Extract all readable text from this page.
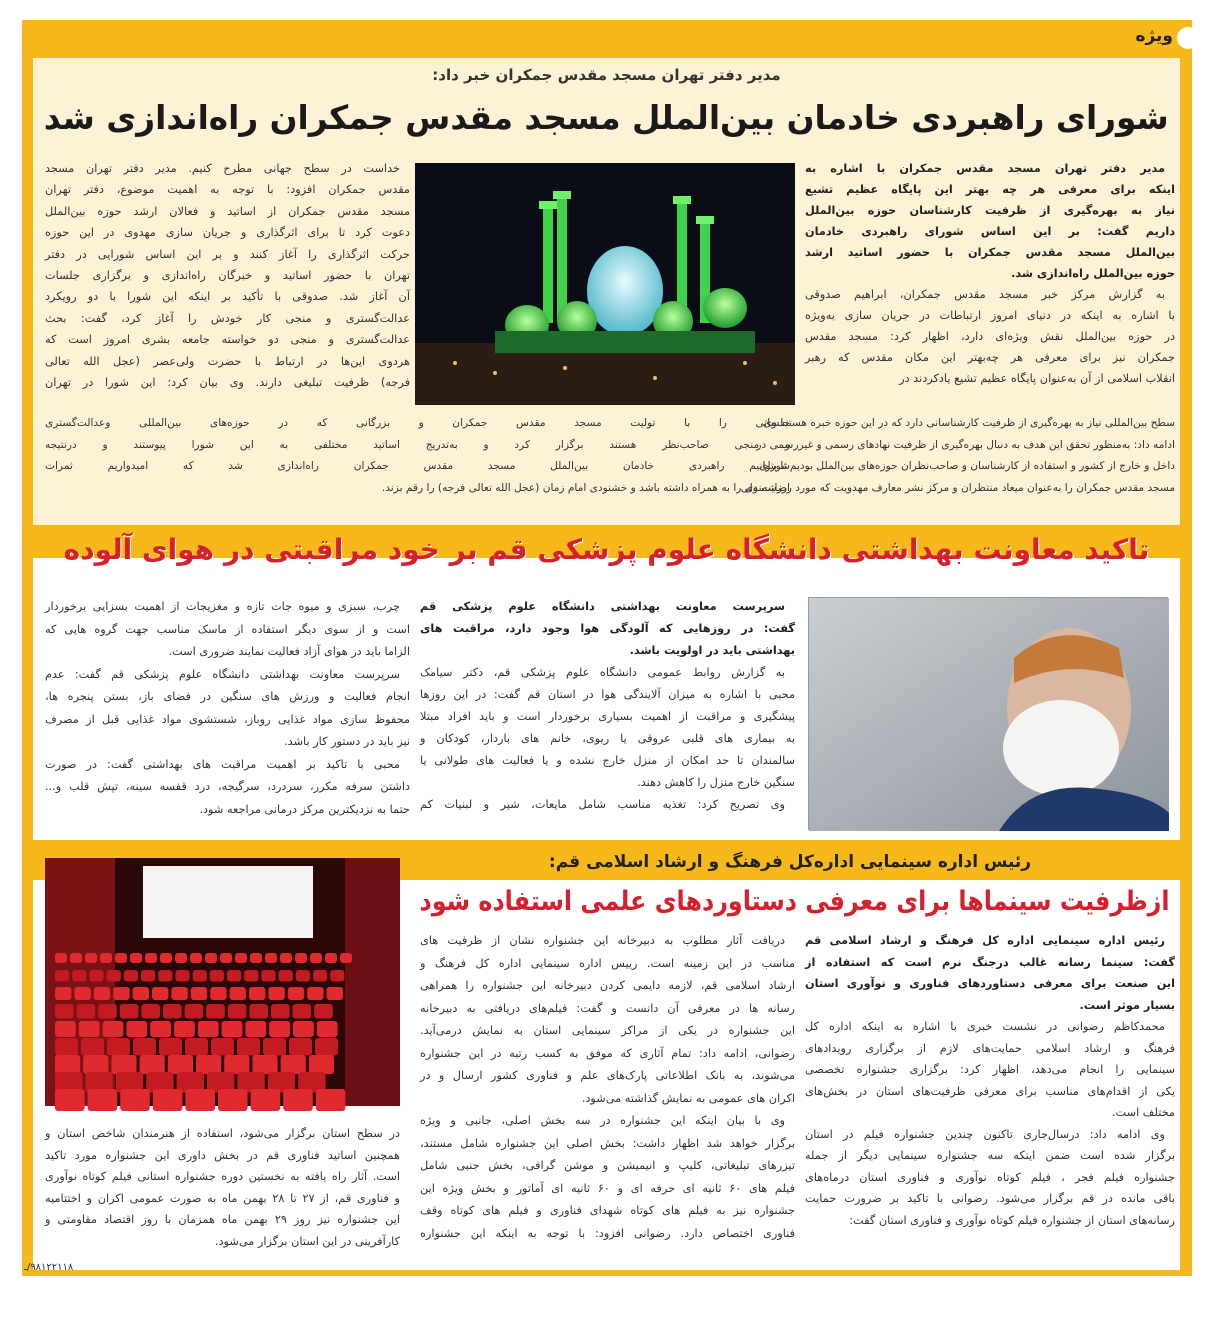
ویژه
مدیر دفتر تهران مسجد مقدس جمکران خبر داد:
شورای راهبردی خادمان بین‌الملل مسجد مقدس جمکران راه‌اندازی شد
مدیر دفتر تهران مسجد مقدس جمکران با اشاره به
اینکه برای معرفی هر چه بهتر این پایگاه عظیم تشیع
نیاز به بهره‌گیری از ظرفیت کارشناسان حوزه بین‌الملل
داریم گفت: بر این اساس شورای راهبردی خادمان
بین‌الملل مسجد مقدس جمکران با حضور اساتید ارشد
حوزه بین‌الملل راه‌اندازی شد.
به گزارش مرکز خبر مسجد مقدس جمکران، ابراهیم صدوقی
با اشاره به اینکه در دنیای امروز ارتباطات در جریان سازی به‌ویژه
در حوزه بین‌الملل نقش ویژه‌ای دارد، اظهار کرد: مسجد مقدس
جمکران نیز برای معرفی هر چه‌بهتر این مکان مقدس که رهبر
انقلاب اسلامی از آن به‌عنوان پایگاه عظیم تشیع یادکردند در
خداست در سطح جهانی مطرح کنیم. مدیر دفتر تهران مسجد
مقدس جمکران افزود: با توجه به اهمیت موضوع، دفتر تهران
مسجد مقدس جمکران از اساتید و فعالان ارشد حوزه بین‌الملل
دعوت کرد تا برای اثرگذاری و جریان سازی مهدوی در این حوزه
حرکت اثرگذاری را آغاز کنند و بر این اساس شورایی در دفتر
تهران با حضور اساتید و خبرگان راه‌اندازی و برگزاری جلسات
آن آغاز شد. صدوقی با تأکید بر اینکه این شورا با دو رویکرد
عدالت‌گستری و منجی کار خودش را آغاز کرد، گفت: بحث
عدالت‌گستری و منجی دو خواسته جامعه بشری امروز است که
هردوی این‌ها در ارتباط با حضرت ولی‌عصر (عجل الله تعالی
فرجه) ظرفیت تبلیغی دارند. وی بیان کرد: این شورا در تهران
سطح بین‌المللی نیاز به بهره‌گیری از ظرفیت کارشناسانی دارد که در این حوزه خبره هستند وی
ادامه داد: به‌منظور تحقق این هدف به دنبال بهره‌گیری از ظرفیت نهادهای رسمی و غیررسمی در
داخل و خارج از کشور و استفاده از کارشناسان و صاحب‌نظران حوزه‌های بین‌الملل بودیم تا بتوانیم
مسجد مقدس جمکران را به‌عنوان میعاد منتظران و مرکز نشر معارف مهدویت که مورد رضایت ولی
جلساتی را با تولیت مسجد مقدس جمکران و بزرگانی که در حوزه‌های بین‌المللی وعدالت‌گستری
و منجی صاحب‌نظر هستند برگزار کرد و به‌تدریج اساتید مختلفی به این شورا پیوستند و درنتیجه
شورای راهبردی خادمان بین‌الملل مسجد مقدس جمکران راه‌اندازی شد که امیدواریم ثمرات
ارزشمندی را به همراه داشته باشد و خشنودی امام زمان (عجل الله تعالی فرجه) را رقم بزند.
تاکید معاونت بهداشتی دانشگاه علوم پزشکی قم بر خود مراقبتی در هوای آلوده
سرپرست معاونت بهداشتی دانشگاه علوم پزشکی قم
گفت: در روزهایی که آلودگی هوا وجود دارد، مراقبت های
بهداشتی باید در اولویت باشد.
به گزارش روابط عمومی دانشگاه علوم پزشکی قم، دکتر سیامک
محبی با اشاره به میزان آلایندگی هوا در استان قم گفت: در این روزها
پیشگیری و مراقبت از اهمیت بسیاری برخوردار است و باید افراد مبتلا
به بیماری های قلبی عروقی یا ریوی، خانم های باردار، کودکان و
سالمندان تا حد امکان از منزل خارج نشده و یا فعالیت های طولانی یا
سنگین خارج منزل را کاهش دهند.
وی تصریح کرد: تغذیه مناسب شامل مایعات، شیر و لبنیات کم
چرب، سبزی و میوه جات تازه و مغزیجات از اهمیت بسزایی برخوردار
است و از سوی دیگر استفاده از ماسک مناسب جهت گروه هایی که
الزاما باید در هوای آزاد فعالیت نمایند ضروری است.
سرپرست معاونت بهداشتی دانشگاه علوم پزشکی قم گفت: عدم
انجام فعالیت و ورزش های سنگین در فضای باز، بستن پنجره ها،
محفوظ سازی مواد غذایی روباز، شستشوی مواد غذایی قبل از مصرف
نیز باید در دستور کار باشد.
محبی با تاکید بر اهمیت مراقبت های بهداشتی گفت: در صورت
داشتن سرفه مکرر، سردرد، سرگیجه، درد قفسه سینه، تپش قلب و...
حتما به نزدیکترین مرکز درمانی مراجعه شود.
رئیس اداره سینمایی اداره‌کل فرهنگ و ارشاد اسلامی قم:
ازظرفیت سینماها برای معرفی دستاوردهای علمی استفاده شود
رئیس اداره سینمایی اداره کل فرهنگ و ارشاد اسلامی قم
گفت: سینما رسانه غالب درجنگ نرم است که استفاده از
این صنعت برای معرفی دستاوردهای فناوری و نوآوری استان
بسیار موثر است.
محمدکاظم رضوانی در نشست خبری با اشاره به اینکه اداره کل
فرهنگ و ارشاد اسلامی حمایت‌های لازم از برگزاری رویدادهای
سینمایی را انجام می‌دهد، اظهار کرد: برگزاری جشنواره تخصصی
یکی از اقدام‌های مناسب برای معرفی ظرفیت‌های استان در بخش‌های
مختلف است.
وی ادامه داد: درسال‌جاری تاکنون چندین جشنواره فیلم در استان
برگزار شده است ضمن اینکه سه جشنواره سینمایی دیگر از جمله
جشنواره فیلم فجر ، فیلم کوتاه نوآوری و فناوری استان درماه‌های
باقی مانده در قم برگزار می‌شود. رضوانی با تاکید بر ضرورت حمایت
رسانه‌های استان از جشنواره فیلم کوتاه نوآوری و فناوری استان گفت:
دریافت آثار مطلوب به دبیرخانه این جشنواره نشان از ظرفیت های
مناسب در این زمینه است. رییس اداره سینمایی اداره کل فرهنگ و
ارشاد اسلامی قم، لازمه دایمی کردن دبیرخانه این جشنواره را همراهی
رسانه ها در معرفی آن دانست و گفت: فیلم‌های دریافتی به دبیرخانه
این جشنواره در یکی از مراکز سینمایی استان به نمایش درمی‌آید.
رضوانی، ادامه داد: تمام آثاری که موفق به کسب رتبه در این جشنواره
می‌شوند، به بانک اطلاعاتی پارک‌های علم و فناوری کشور ارسال و در
اکران های عمومی به نمایش گذاشته می‌شود.
وی با بیان اینکه این جشنواره در سه بخش اصلی، جانبی و ویژه
برگزار خواهد شد اظهار داشت: بخش اصلی این جشنواره شامل مستند،
تیزرهای تبلیغاتی، کلیپ و انیمیشن و موشن گرافی، بخش جنبی شامل
فیلم های ۶۰ ثانیه ای حرفه ای و ۶۰ ثانیه ای آماتور و بخش ویژه این
جشنواره نیز به فیلم های کوتاه شهدای فناوری و فیلم های کوتاه وقف
فناوری اختصاص دارد. رضوانی افزود: با توجه به اینکه این جشنواره
در سطح استان برگزار می‌شود، استفاده از هنرمندان شاخص استان و
همچنین اساتید فناوری قم در بخش داوری این جشنواره مورد تاکید
است. آثار راه یافته به نخستین دوره جشنواره استانی فیلم کوتاه نوآوری
و فناوری قم، از ۲۷ تا ۲۸ بهمن ماه به صورت عمومی اکران و اختتامیه
این جشنواره نیز روز ۲۹ بهمن ماه همزمان با روز اقتصاد مقاومتی و
کارآفرینی در این استان برگزار می‌شود.
۹۸۱۲۲۱۱۸/ـ
